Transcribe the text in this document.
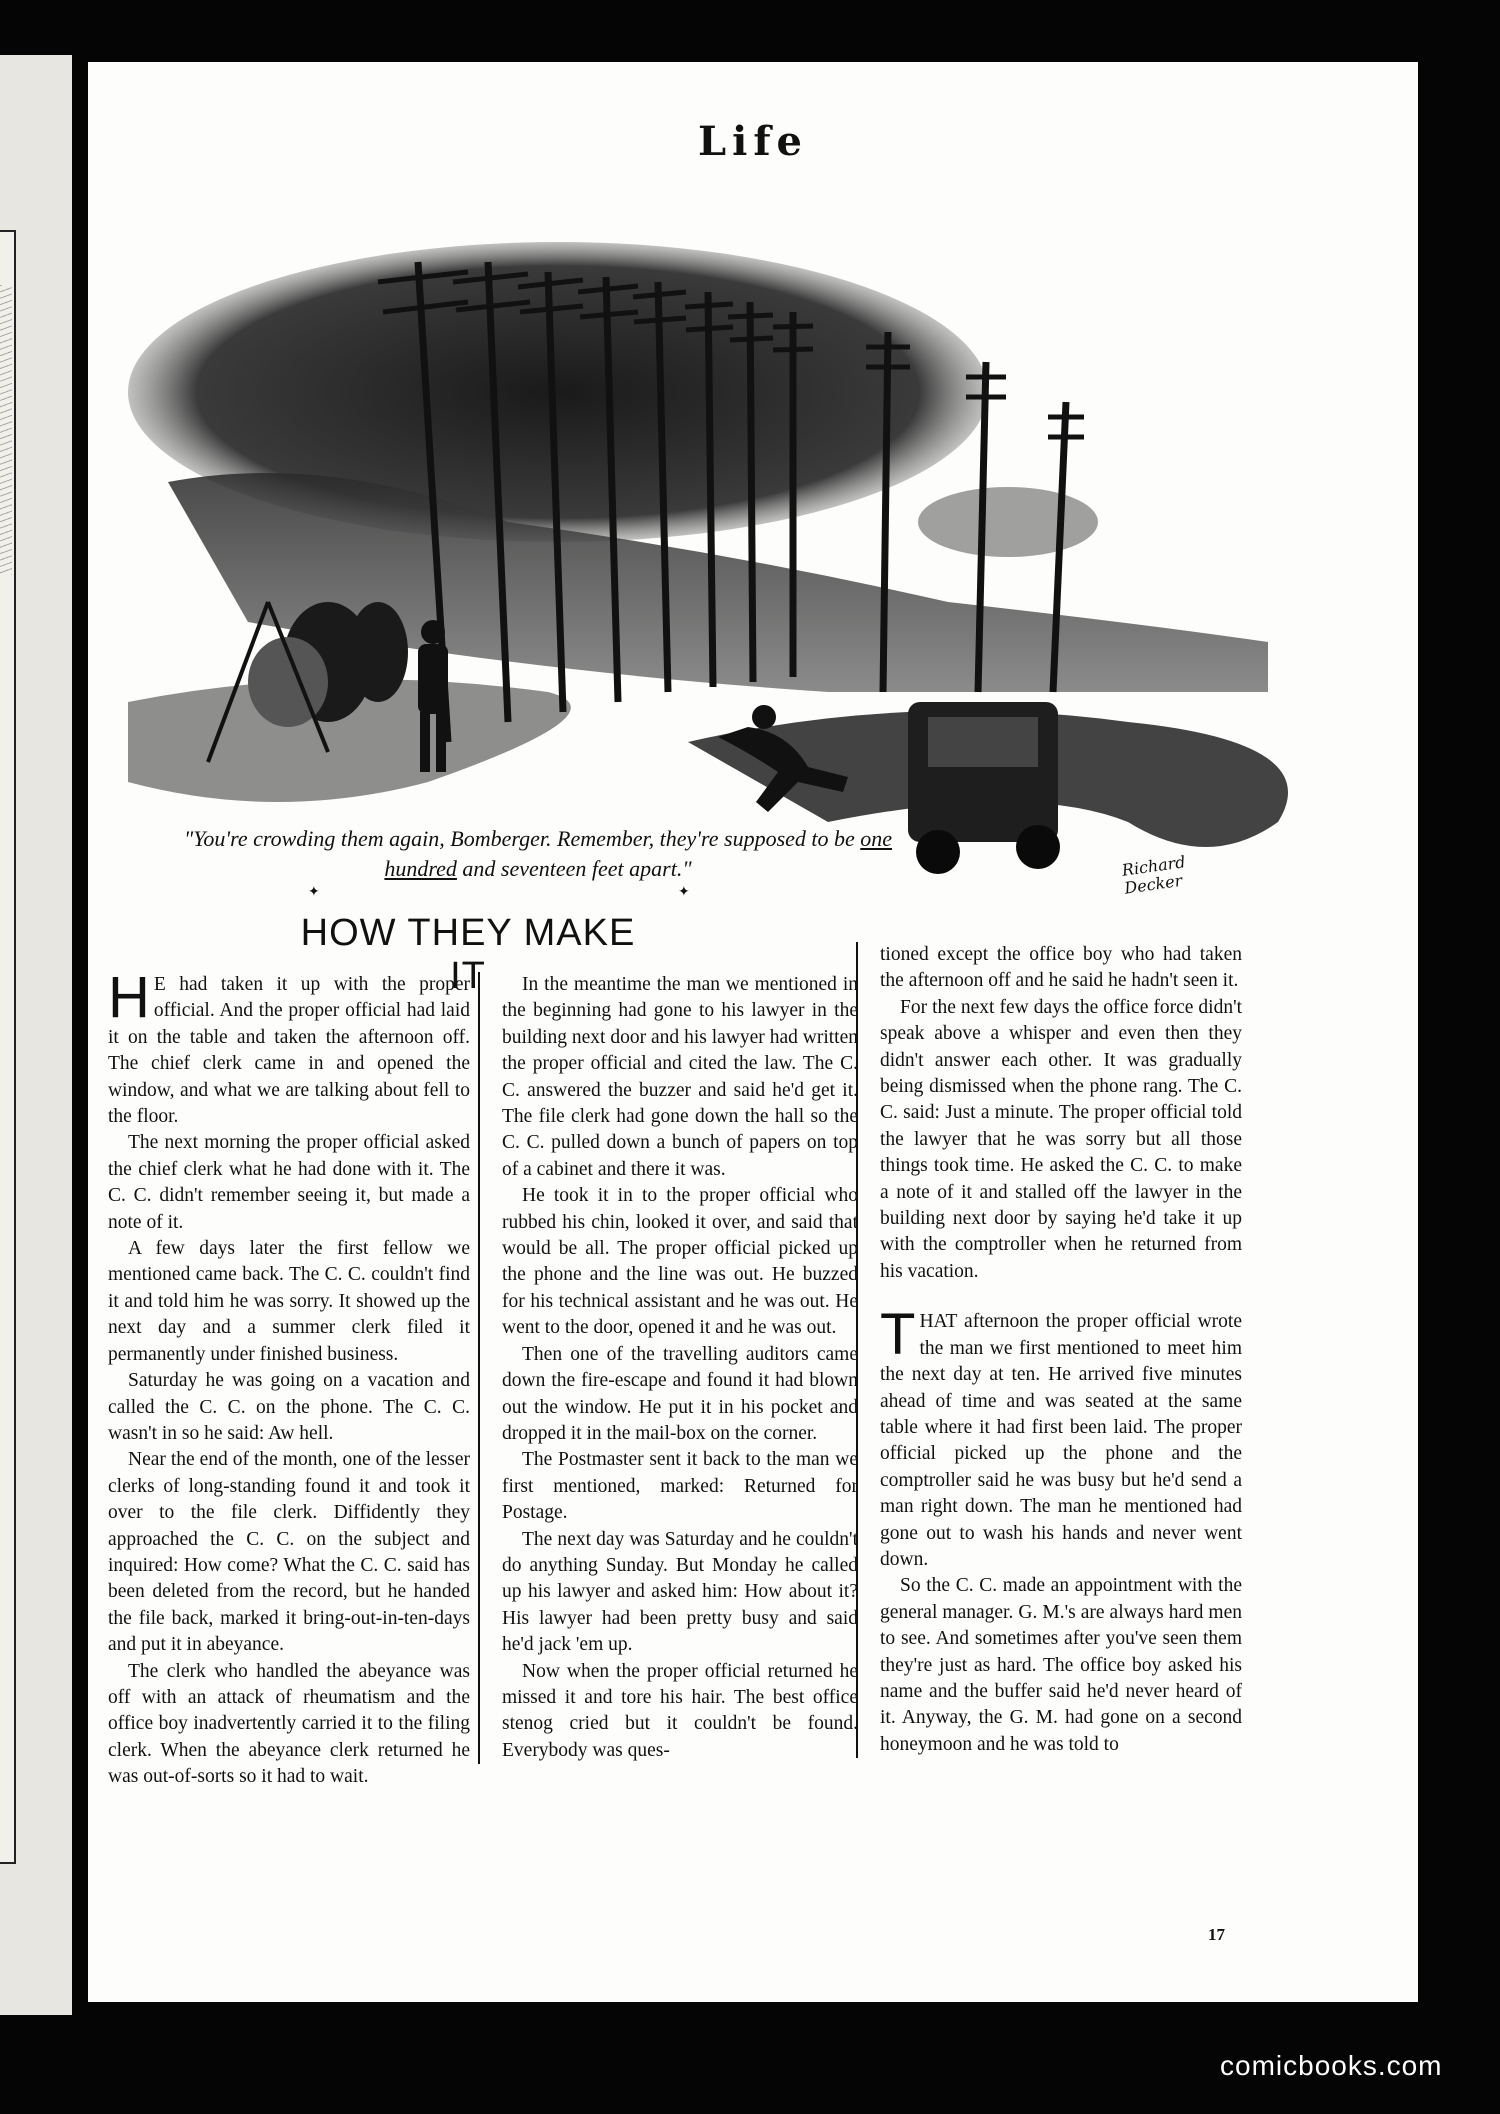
Life
"You're crowding them again, Bomberger. Remember, they're supposed to be one hundred and seventeen feet apart."	Richard Decker
✦	✦
HOW THEY MAKE IT

H E had taken it up with the proper official. And the proper official had laid it on the table and taken the afternoon off. The chief clerk came in and opened the window, and what we are talking about fell to the floor.

The next morning the proper official asked the chief clerk what he had done with it. The C. C. didn't remember seeing it, but made a note of it.

A few days later the first fellow we mentioned came back. The C. C. couldn't find it and told him he was sorry. It showed up the next day and a summer clerk filed it permanently under finished business.

Saturday he was going on a vacation and called the C. C. on the phone. The C. C. wasn't in so he said: Aw hell.

Near the end of the month, one of the lesser clerks of long-standing found it and took it over to the file clerk. Diffidently they approached the C. C. on the subject and inquired: How come? What the C. C. said has been deleted from the record, but he handed the file back, marked it bring-out-in-ten-days and put it in abeyance.

The clerk who handled the abeyance was off with an attack of rheumatism and the office boy inadvertently carried it to the filing clerk. When the abeyance clerk returned he was out-of-sorts so it had to wait.

In the meantime the man we mentioned in the beginning had gone to his lawyer in the building next door and his lawyer had written the proper official and cited the law. The C. C. answered the buzzer and said he'd get it. The file clerk had gone down the hall so the C. C. pulled down a bunch of papers on top of a cabinet and there it was.

He took it in to the proper official who rubbed his chin, looked it over, and said that would be all. The proper official picked up the phone and the line was out. He buzzed for his technical assistant and he was out. He went to the door, opened it and he was out.

Then one of the travelling auditors came down the fire-escape and found it had blown out the window. He put it in his pocket and dropped it in the mail-box on the corner.

The Postmaster sent it back to the man we first mentioned, marked: Returned for Postage.

The next day was Saturday and he couldn't do anything Sunday. But Monday he called up his lawyer and asked him: How about it? His lawyer had been pretty busy and said he'd jack 'em up.

Now when the proper official returned he missed it and tore his hair. The best office stenog cried but it couldn't be found. Everybody was ques-

tioned except the office boy who had taken the afternoon off and he said he hadn't seen it.

For the next few days the office force didn't speak above a whisper and even then they didn't answer each other. It was gradually being dismissed when the phone rang. The C. C. said: Just a minute. The proper official told the lawyer that he was sorry but all those things took time. He asked the C. C. to make a note of it and stalled off the lawyer in the building next door by saying he'd take it up with the comptroller when he returned from his vacation.

THAT afternoon the proper official wrote the man we first mentioned to meet him the next day at ten. He arrived five minutes ahead of time and was seated at the same table where it had first been laid. The proper official picked up the phone and the comptroller said he was busy but he'd send a man right down. The man he mentioned had gone out to wash his hands and never went down.

So the C. C. made an appointment with the general manager. G. M.'s are always hard men to see. And sometimes after you've seen them they're just as hard. The office boy asked his name and the buffer said he'd never heard of it. Anyway, the G. M. had gone on a second honeymoon and he was told to

17
comicbooks.com
